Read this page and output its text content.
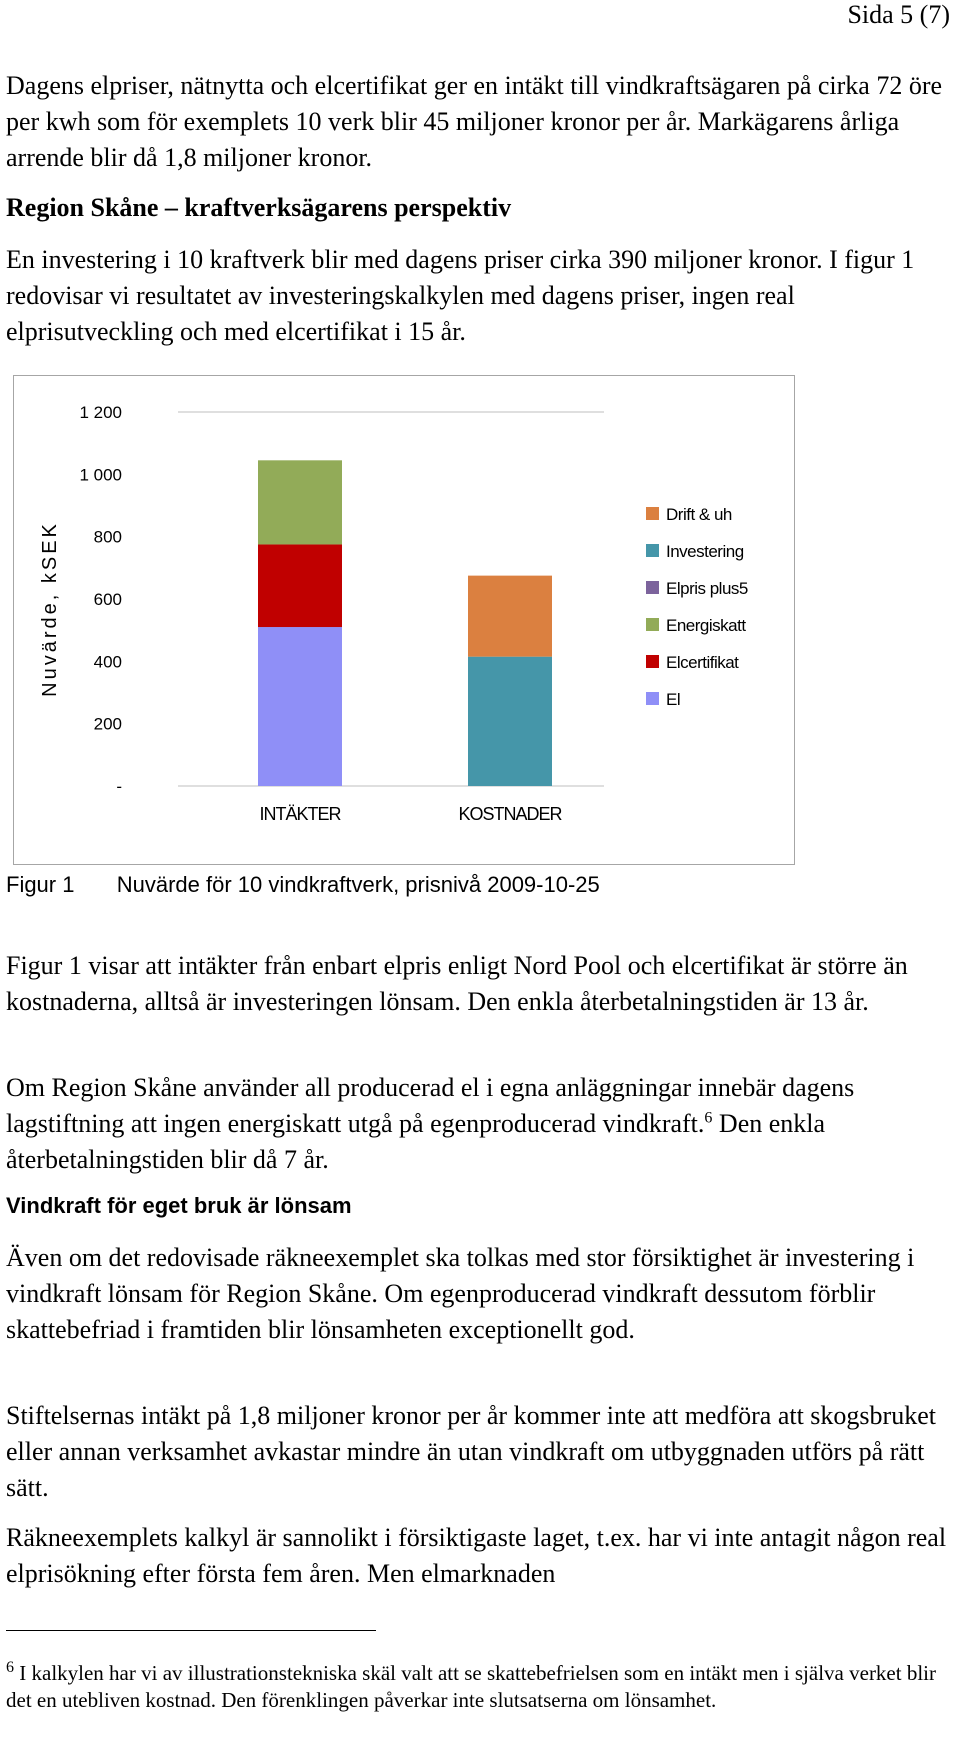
Sida 5 (7)

Dagens elpriser, nätnytta och elcertifikat ger en intäkt till vindkraftsägaren på cirka 72 öre per kwh som för exemplets 10 verk blir 45 miljoner kronor per år. Markägarens årliga arrende blir då 1,8 miljoner kronor.

Region Skåne – kraftverksägarens perspektiv

En investering i 10 kraftverk blir med dagens priser cirka 390 miljoner kronor. I figur 1 redovisar vi resultatet av investeringskalkylen med dagens priser, ingen real elprisutveckling och med elcertifikat i 15 år.

-
200
400
600
800
1 000
1 200
Nuvärde, kSEK
INTÄKTER	KOSTNADER
Drift & uh
Investering
Elpris plus5
Energiskatt
Elcertifikat
El
Figur 1 Nuvärde för 10 vindkraftverk, prisnivå 2009-10-25

Figur 1 visar att intäkter från enbart elpris enligt Nord Pool och elcertifikat är större än kostnaderna, alltså är investeringen lönsam. Den enkla återbetalningstiden är 13 år.

Om Region Skåne använder all producerad el i egna anläggningar innebär dagens lagstiftning att ingen energiskatt utgå på egenproducerad vindkraft.$^6$ Den enkla återbetalningstiden blir då 7 år.

Vindkraft för eget bruk är lönsam

Även om det redovisade räkneexemplet ska tolkas med stor försiktighet är investering i vindkraft lönsam för Region Skåne. Om egenproducerad vindkraft dessutom förblir skattebefriad i framtiden blir lönsamheten exceptionellt god.

Stiftelsernas intäkt på 1,8 miljoner kronor per år kommer inte att medföra att skogsbruket eller annan verksamhet avkastar mindre än utan vindkraft om utbyggnaden utförs på rätt sätt.

Räkneexemplets kalkyl är sannolikt i försiktigaste laget, t.ex. har vi inte antagit någon real elprisökning efter första fem åren. Men elmarknaden

$^6$ I kalkylen har vi av illustrationstekniska skäl valt att se skattebefrielsen som en intäkt men i själva verket blir det en utebliven kostnad. Den förenklingen påverkar inte slutsatserna om lönsamhet.
